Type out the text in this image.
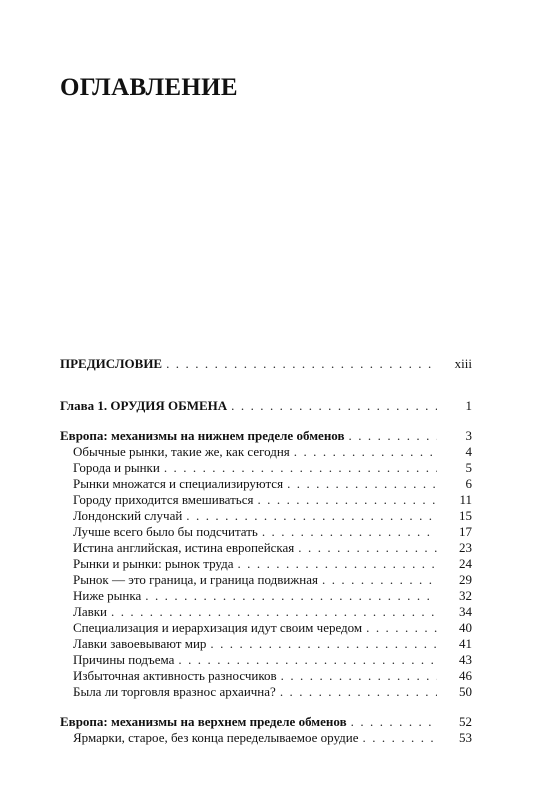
ОГЛАВЛЕНИЕ
ПРЕДИСЛОВИЕ . . .	xiii
Глава 1. ОРУДИЯ ОБМЕНА . . .	1
Европа: механизмы на нижнем пределе обменов . . .	3
Обычные рынки, такие же, как сегодня . . .	4
Города и рынки . . .	5
Рынки множатся и специализируются . . .	6
Городу приходится вмешиваться . . .	11
Лондонский случай . . .	15
Лучше всего было бы подсчитать . . .	17
Истина английская, истина европейская . . .	23
Рынки и рынки: рынок труда . . .	24
Рынок — это граница, и граница подвижная . . .	29
Ниже рынка . . .	32
Лавки . . .	34
Специализация и иерархизация идут своим чередом . . .	40
Лавки завоевывают мир . . .	41
Причины подъема . . .	43
Избыточная активность разносчиков . . .	46
Была ли торговля вразнос архаична? . . .	50
Европа: механизмы на верхнем пределе обменов . . .	52
Ярмарки, старое, без конца переделываемое орудие . . .	53
